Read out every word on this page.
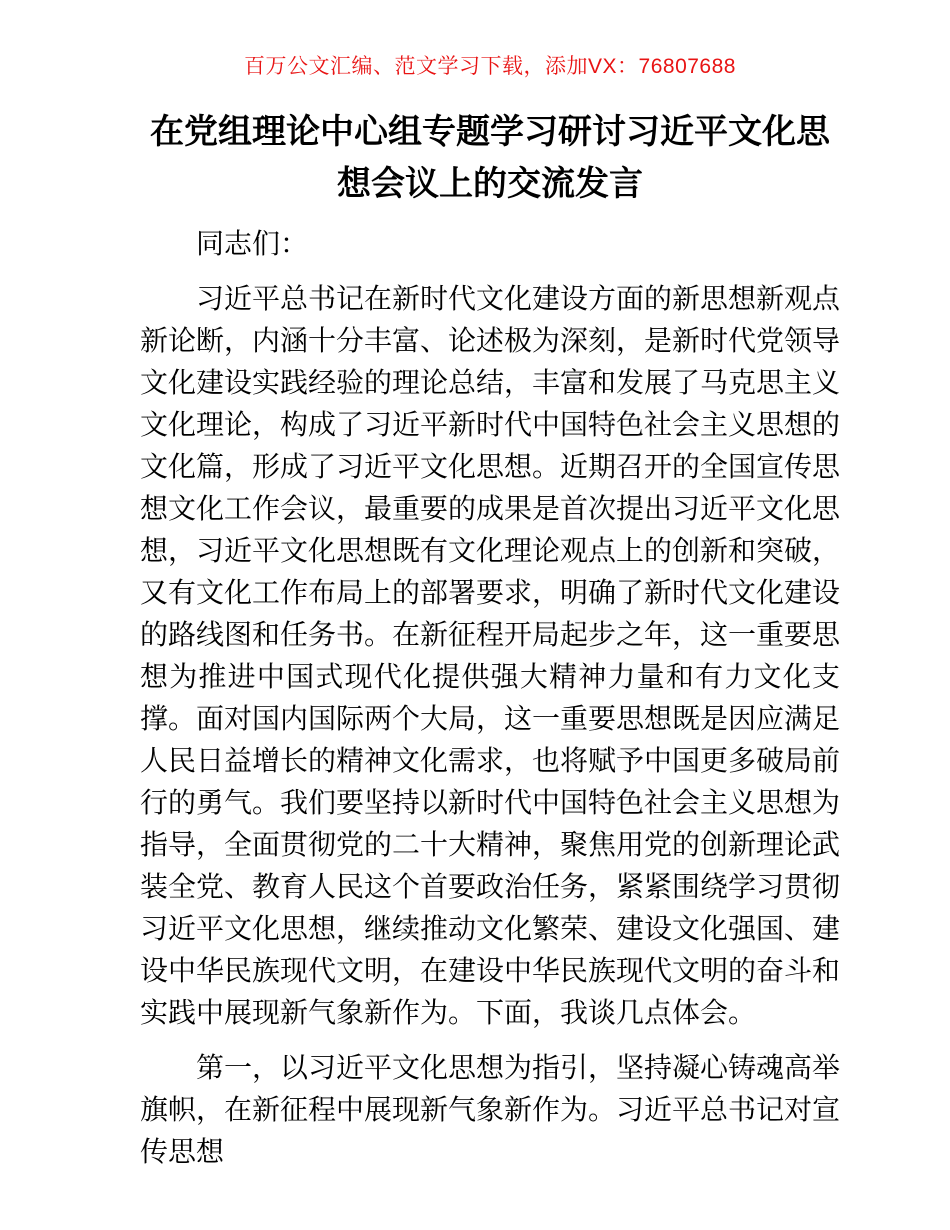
百万公文汇编、范文学习下载，添加VX：76807688
在党组理论中心组专题学习研讨习近平文化思想会议上的交流发言

同志们：

习近平总书记在新时代文化建设方面的新思想新观点新论断，内涵十分丰富、论述极为深刻，是新时代党领导文化建设实践经验的理论总结，丰富和发展了马克思主义文化理论，构成了习近平新时代中国特色社会主义思想的文化篇，形成了习近平文化思想。近期召开的全国宣传思想文化工作会议，最重要的成果是首次提出习近平文化思想，习近平文化思想既有文化理论观点上的创新和突破，又有文化工作布局上的部署要求，明确了新时代文化建设的路线图和任务书。在新征程开局起步之年，这一重要思想为推进中国式现代化提供强大精神力量和有力文化支撑。面对国内国际两个大局，这一重要思想既是因应满足人民日益增长的精神文化需求，也将赋予中国更多破局前行的勇气。我们要坚持以新时代中国特色社会主义思想为指导，全面贯彻党的二十大精神，聚焦用党的创新理论武装全党、教育人民这个首要政治任务，紧紧围绕学习贯彻习近平文化思想，继续推动文化繁荣、建设文化强国、建设中华民族现代文明，在建设中华民族现代文明的奋斗和实践中展现新气象新作为。下面，我谈几点体会。

第一，以习近平文化思想为指引，坚持凝心铸魂高举旗帜，在新征程中展现新气象新作为。习近平总书记对宣传思想
